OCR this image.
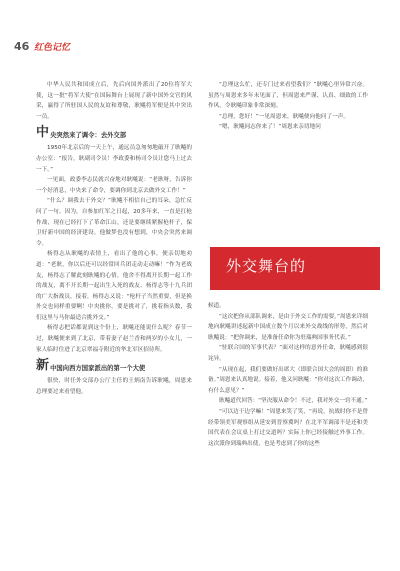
46 红色记忆

中华人民共和国成立后，先后向国外派出了20位将军大使，这一批“将军大使”在国际舞台上展现了新中国外交官的风采，赢得了所驻国人民的友谊和尊敬，耿飚将军便是其中突出一员。

中 央突然来了调令：去外交部

1950年北京后的一天上午，通远员急匆匆地敲开了耿飚的办公室：“报告，耿副司令员！李政委和杨司令员让您马上过去一下。”

一见面，政委李志民就兴奋地对耿飚说：“老耿呀，告诉你一个好消息，中央来了命令，要调你到北京去做外交工作！”

“什么？调我去干外交？”耿飚不相信自己的耳朵，急忙反问了一句。因为，自参加红军之日起，20多年来，一直是扛枪作战，现在已经打下了革命江山，还是要继续紧握枪杆子，保卫好新中国的经济建设。他做梦也没有想到，中央会突然来调令。

杨得志从耿飚的表情上，看出了他的心事，便亲切地劝道：“老耿，你以后还可以经常回兵团走动走动嘛！”作为老战友，杨得志了解此刻耿飚的心情，他舍不得离开长期一起工作的战友，离不开长期一起出生入死的战友、杨得志等十九兵团的广大指战员。接着，杨得志又说：“枪杆子当然重要，但是换外交也同样重要啊！中央挑你，要是挑对了，挑着指头数，我们这里与马你最适合挑外交。”

杨得志把话都说到这个份上，耿飚还能说什么呢？春节一过，耿飚便来到了北京，带着妻子赵兰香和两岁的小女儿，一家人临时住进了北京翠福寺附近的华北军区招待所。

新 中国向西方国家派出的第一个大使

很快，时任外交部办公厅主任的王炳南告诉耿飚，周恩来总理要过来看望他。

“总理这么忙，还专门过来看望我们？”耿飚心里异常兴奋。虽然与周恩来多年未见面了，但周恩来严谨、认真、细致的工作作风，令耿飚印象非常深刻。

“总理，您好！”一见周恩来，耿飚便向他问了一声。

“嗯，耿飚同志你来了！”周恩来亲切地问

外交舞台的

候道。

“这次把你从部队调来，是由于外交工作的需要。”周恩来详细地向耿飚讲述起新中国成立数个月以来外交战线的形势，然后对耿飚说：“把你调来，是准备任命你为驻瑞典国事务代表。”

“驻联合国的军事代表？”面对这样的意外任命，耿飚感到很诧异。

“从现在起，我们要做好出席大（即联合国大会的周即）的准备。”周恩来认真地说。接着，他又问耿飚：“你对这次工作调动，有什么意见？”

耿飚道代回答：“坚决服从命令！不过，我对外交一窍不通。”

“可以边干边学嘛！”周恩来笑了笑，“再说，抗战时你不是曾经带领美军观察组从延安到晋察冀吗？在北平军调部不是还和美国代表在会议桌上打过交道吗？实际上你已经接触过外事工作。这次派你到瑞典出使，也是考虑到了你的这些
